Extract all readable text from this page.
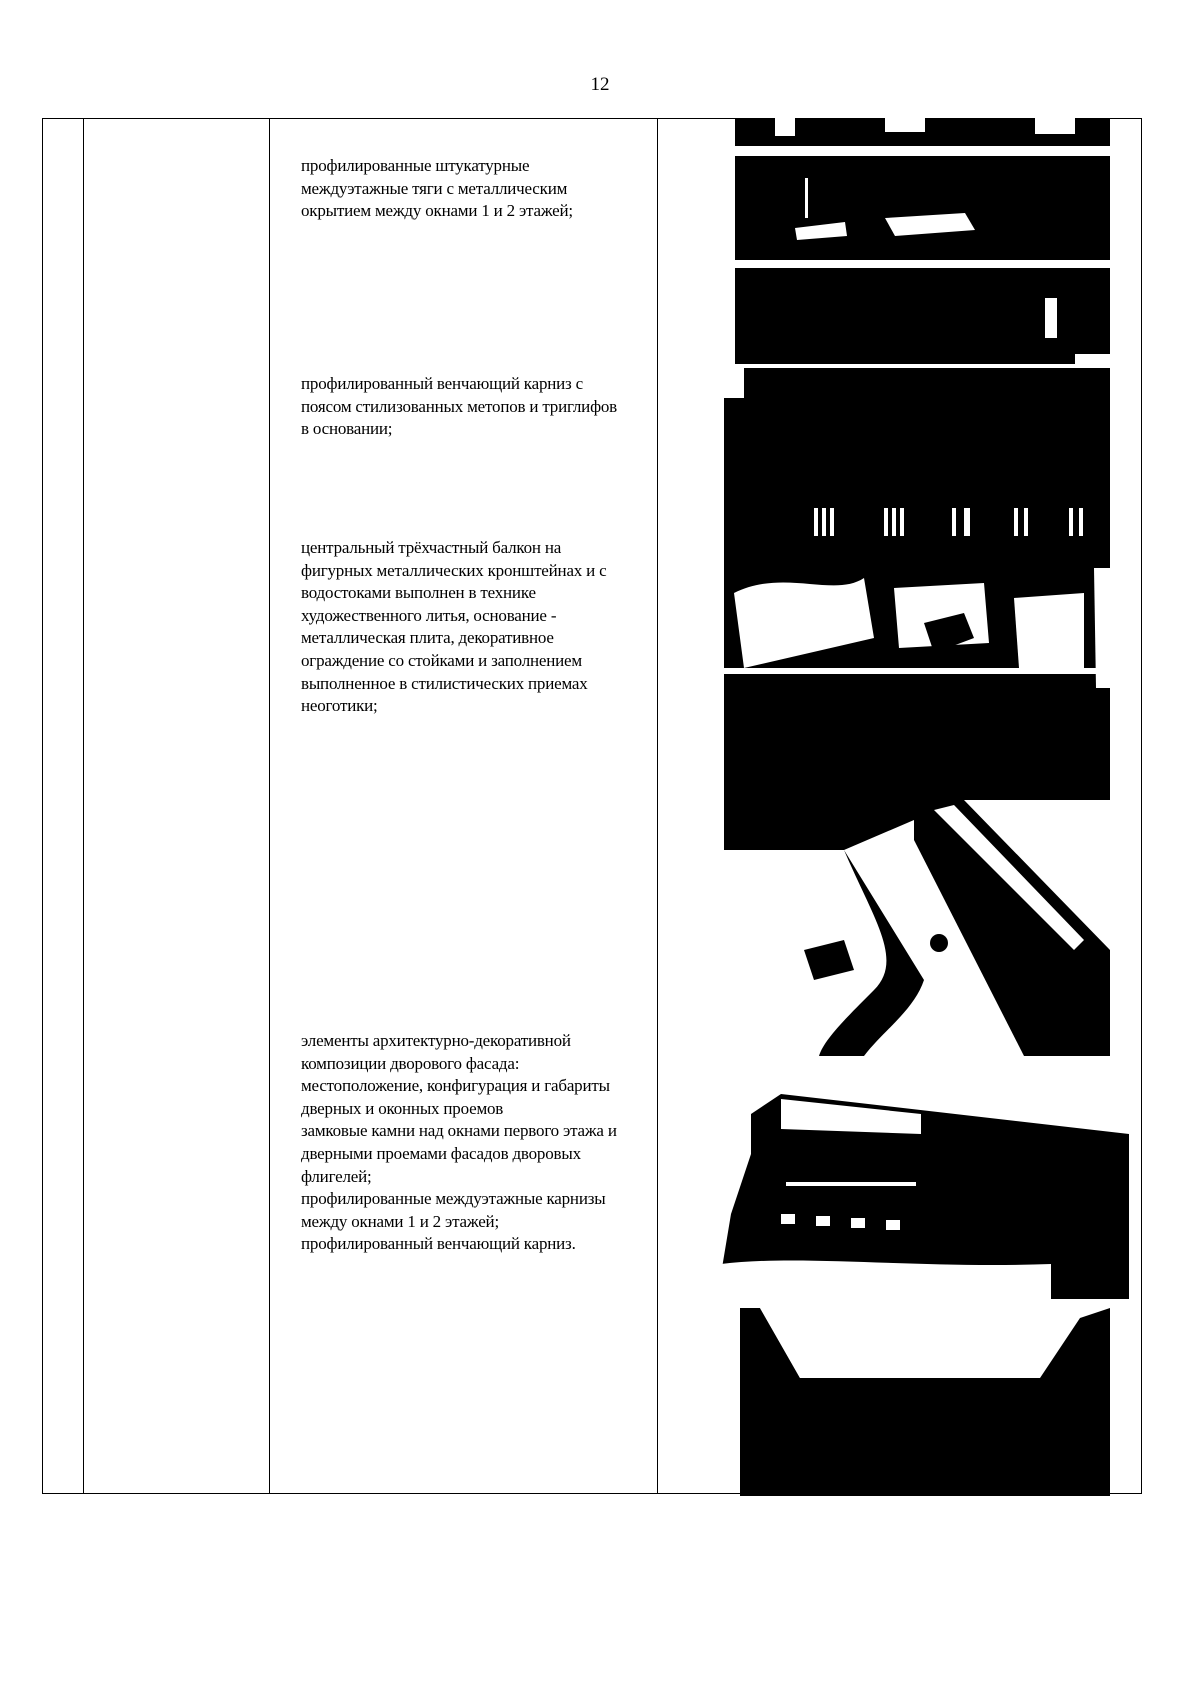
12
профилированные штукатурные
междуэтажные тяги с металлическим
окрытием между окнами 1 и 2 этажей;
профилированный венчающий карниз с
поясом стилизованных метопов и триглифов
в основании;
центральный трёхчастный балкон на
фигурных металлических кронштейнах и с
водостоками выполнен в технике
художественного литья, основание -
металлическая плита, декоративное
ограждение со стойками и заполнением
выполненное в стилистических приемах
неоготики;
элементы архитектурно-декоративной
композиции дворового фасада:
местоположение, конфигурация и габариты
дверных и оконных проемов
замковые камни над окнами первого этажа и
дверными проемами фасадов дворовых
флигелей;
профилированные междуэтажные карнизы
между окнами 1 и 2 этажей;
профилированный венчающий карниз.
